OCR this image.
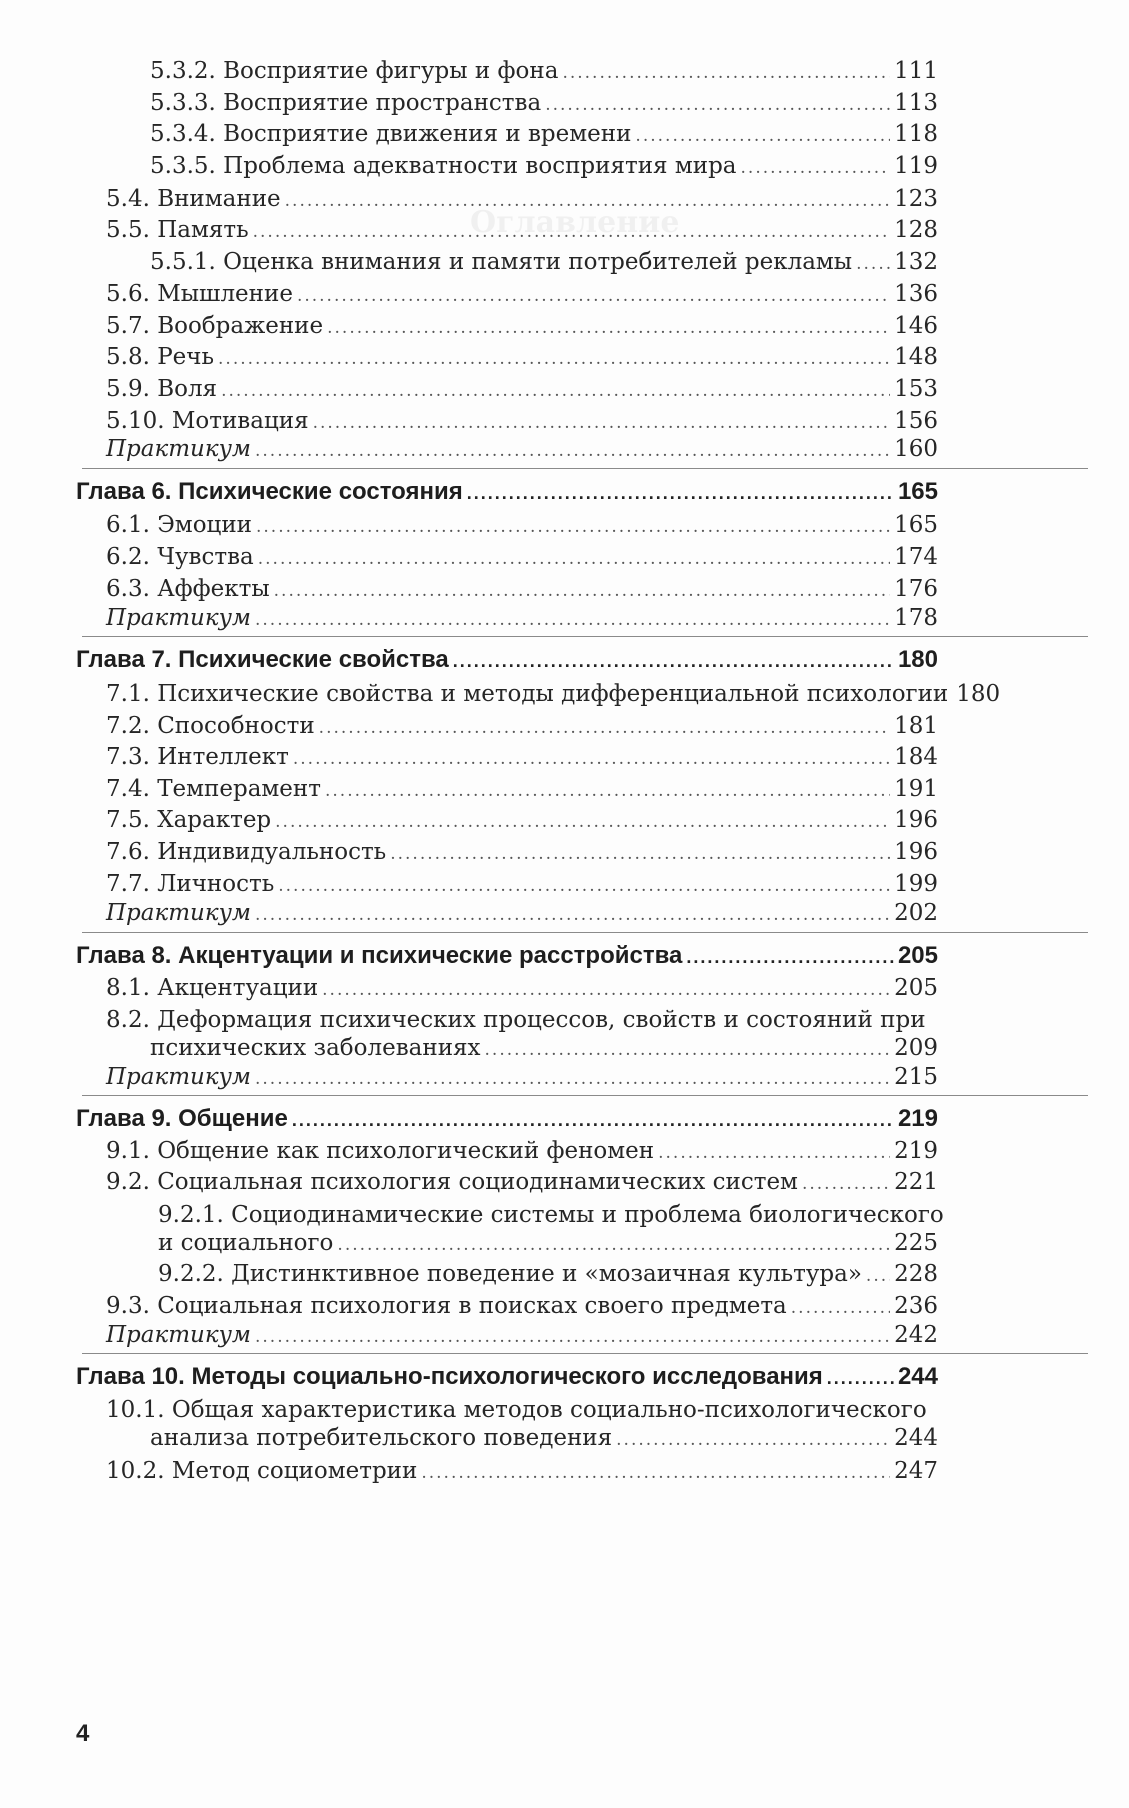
Оглавление
5.3.2. Восприятие фигуры и фона .....	111
5.3.3. Восприятие пространства .....	113
5.3.4. Восприятие движения и времени .....	118
5.3.5. Проблема адекватности восприятия мира .....	119
5.4. Внимание .....	123
5.5. Память .....	128
5.5.1. Оценка внимания и памяти потребителей рекламы ..... 132
5.6. Мышление .....	136
5.7. Воображение .....	146
5.8. Речь .....	148
5.9. Воля .....	153
5.10. Мотивация .....	156
Практикум .....	160
Глава 6. Психические состояния .....	165
6.1. Эмоции .....	165
6.2. Чувства .....	174
6.3. Аффекты .....	176
Практикум .....	178
Глава 7. Психические свойства .....	180
7.1. Психические свойства и методы дифференциальной психологии 180
7.2. Способности .....	181
7.3. Интеллект .....	184
7.4. Темперамент .....	191
7.5. Характер .....	196
7.6. Индивидуальность .....	196
7.7. Личность .....	199
Практикум .....	202
Глава 8. Акцентуации и психические расстройства .....	205
8.1. Акцентуации .....	205
8.2. Деформация психических процессов, свойств и состояний при
психических заболеваниях .....	209
Практикум .....	215
Глава 9. Общение .....	219
9.1. Общение как психологический феномен .....	219
9.2. Социальная психология социодинамических систем .....	221
9.2.1. Социодинамические системы и проблема биологического
и социального .....	225
9.2.2. Дистинктивное поведение и «мозаичная культура» ..... 228
9.3. Социальная психология в поисках своего предмета .....	236
Практикум .....	242
Глава 10. Методы социально-психологического исследования .....	244
10.1. Общая характеристика методов социально-психологического
анализа потребительского поведения .....	244
10.2. Метод социометрии .....	247
4
